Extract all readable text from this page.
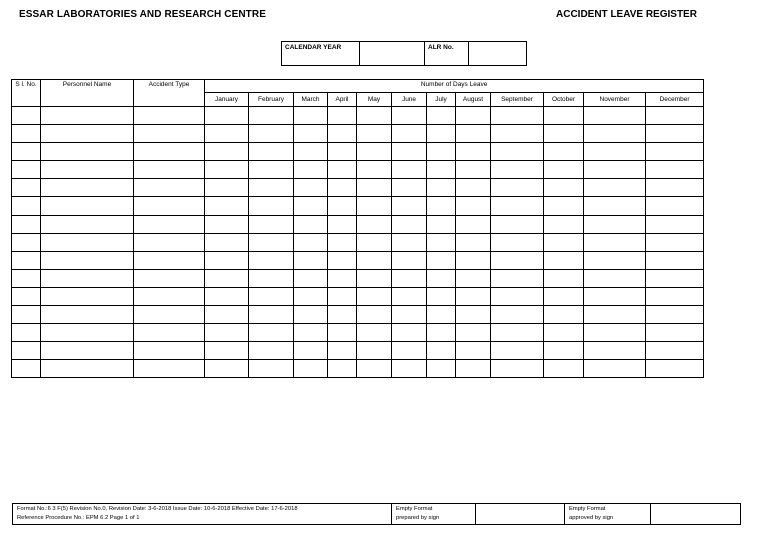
ESSAR LABORATORIES AND RESEARCH CENTRE	ACCIDENT LEAVE REGISTER
CALENDAR YEAR	ALR No.
S l. No.	Personnel Name	Accident Type	Number of Days Leave											
			January	February	March	April	May	June	July	August	September	October	November	December

Format No.:6 3 F(5) Revision No.0, Revision Date: 3-6-2018 Issue Date: 10-6-2018 Effective Date: 17-6-2018
Reference Procedure No.: EPM 6.2 Page 1 of 1

Empty Format
prepared by sign

Empty Format
approved by sign
